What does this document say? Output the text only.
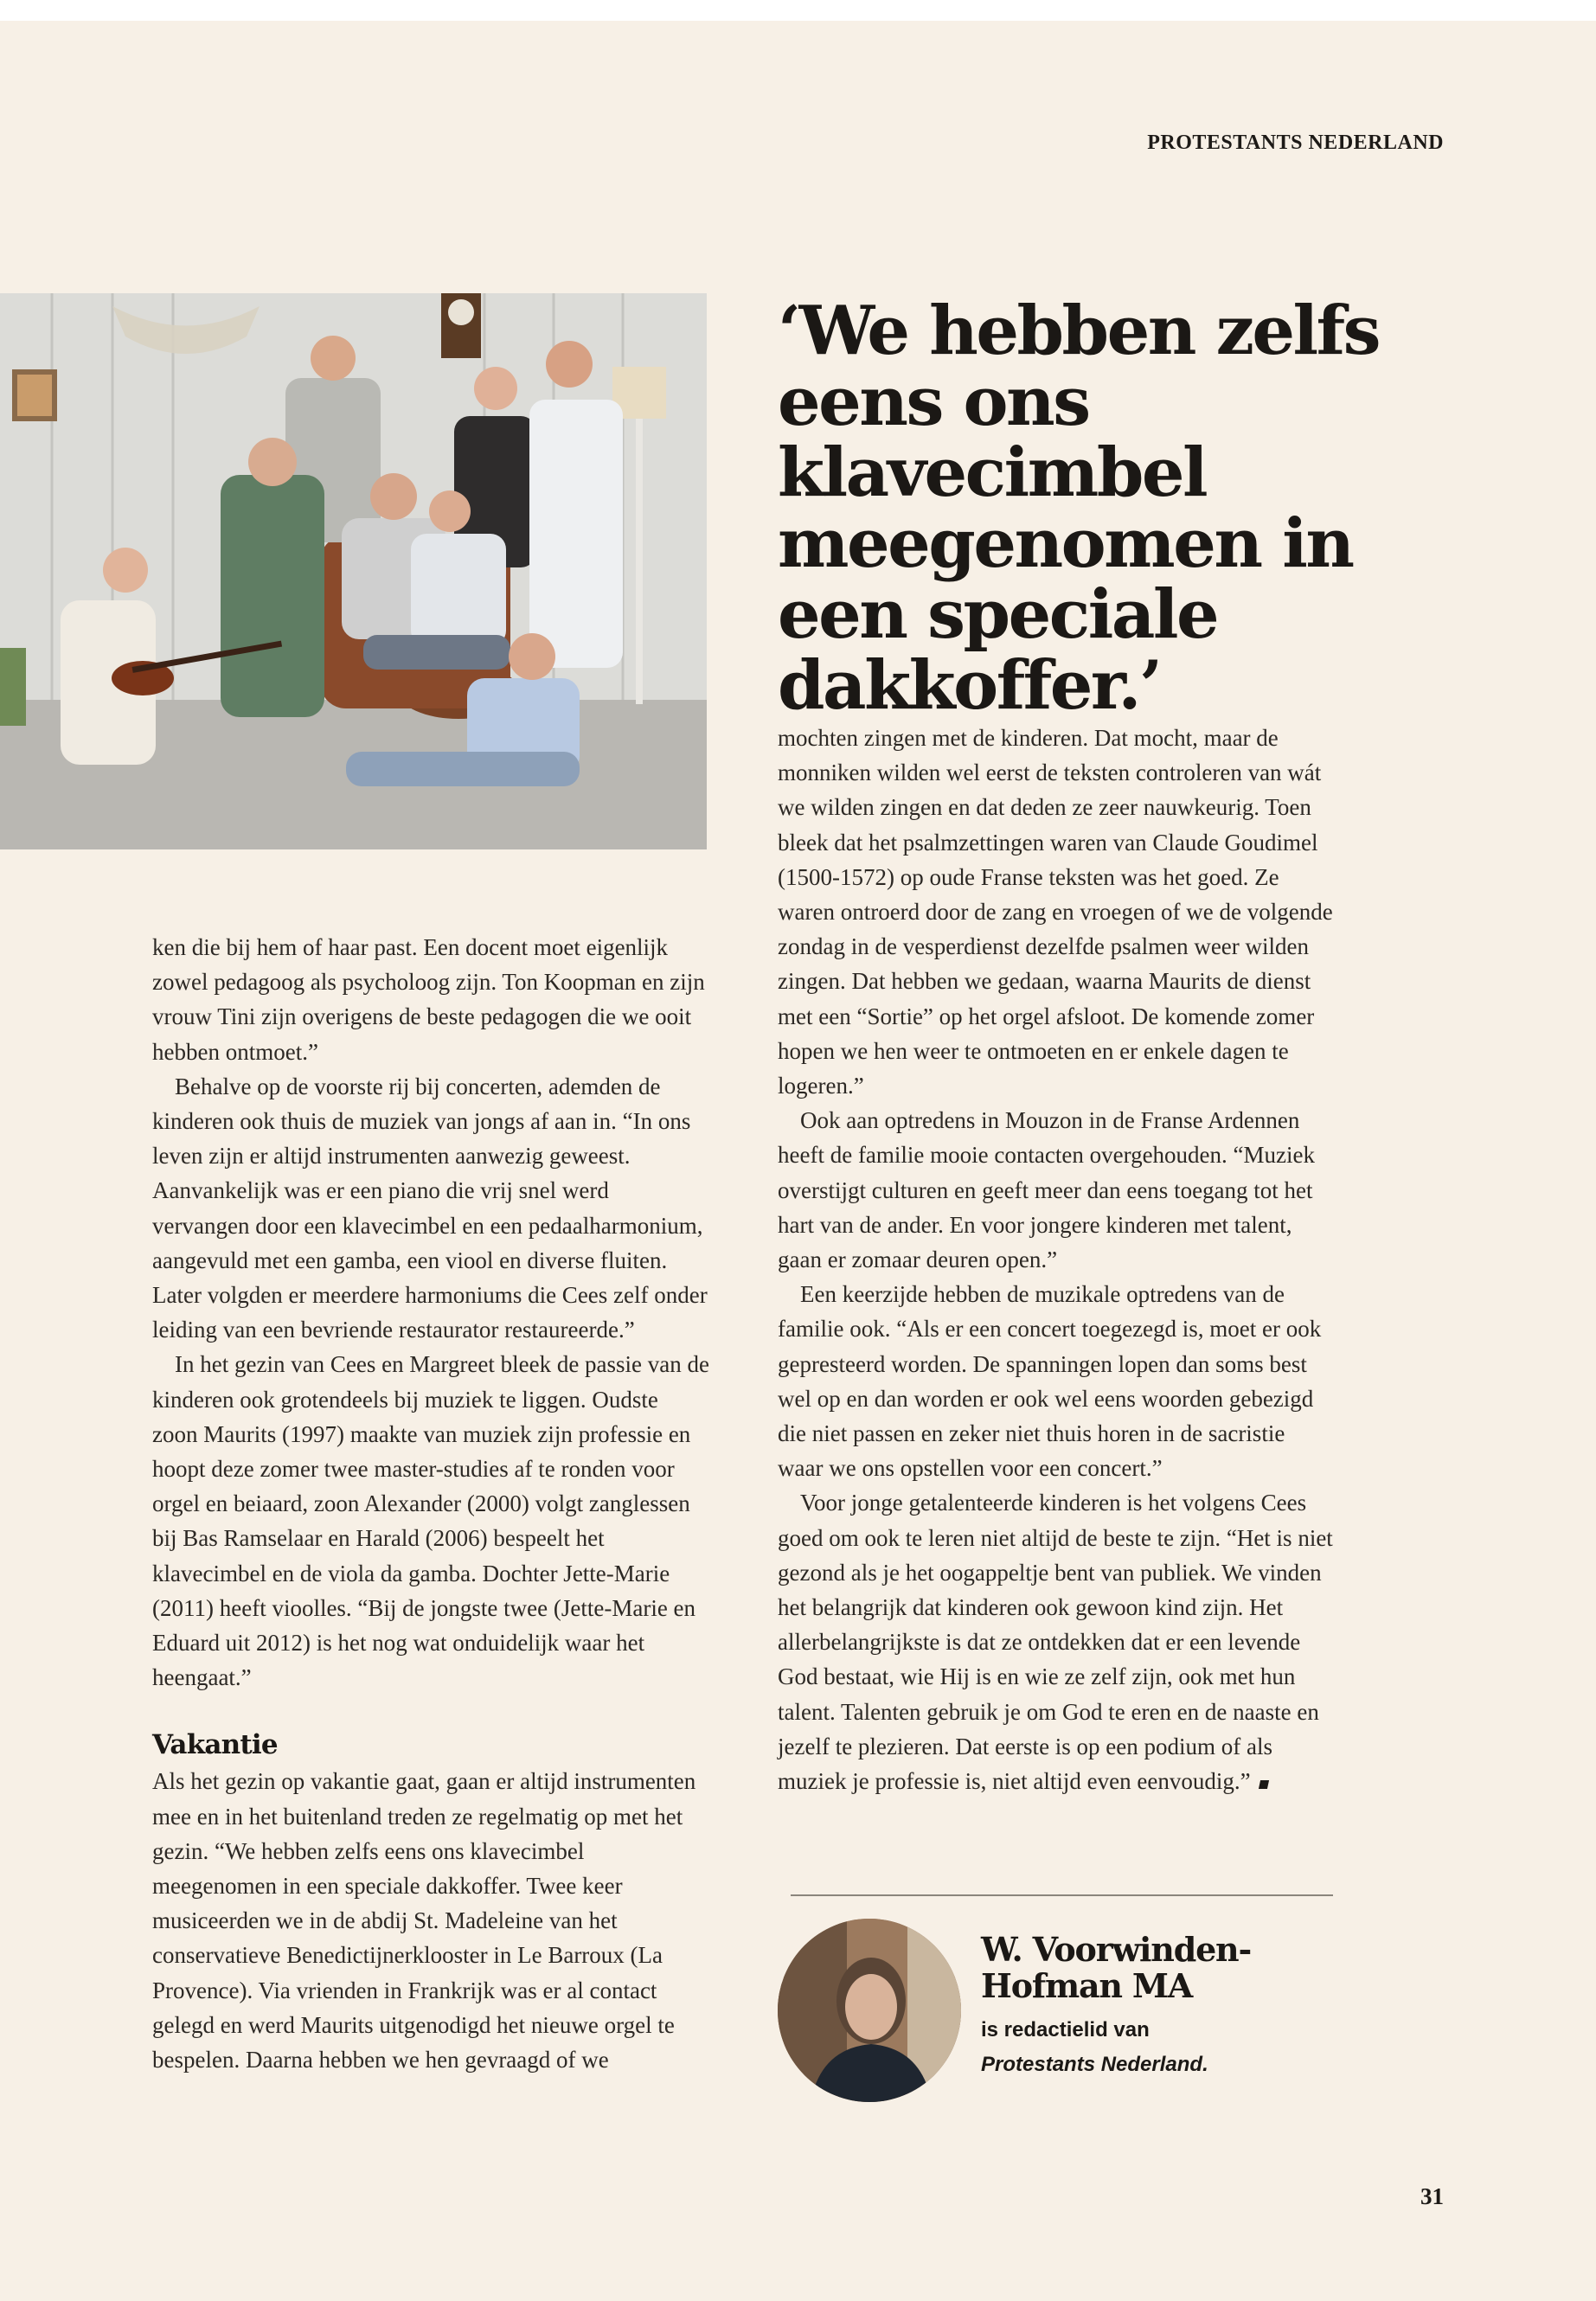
PROTESTANTS NEDERLAND
‘We hebben zelfs eens ons klavecimbel meegenomen in een speciale dakkoffer.’

ken die bij hem of haar past. Een docent moet eigenlijk zowel pedagoog als psycholoog zijn. Ton Koopman en zijn vrouw Tini zijn overigens de beste pedagogen die we ooit hebben ontmoet.”

Behalve op de voorste rij bij concerten, ademden de kinderen ook thuis de muziek van jongs af aan in. “In ons leven zijn er altijd instrumenten aanwezig geweest. Aanvankelijk was er een piano die vrij snel werd vervangen door een klavecimbel en een pedaalharmonium, aangevuld met een gamba, een viool en diverse fluiten. Later volgden er meerdere harmoniums die Cees zelf onder leiding van een bevriende restaurator restaureerde.”

In het gezin van Cees en Margreet bleek de passie van de kinderen ook grotendeels bij muziek te liggen. Oudste zoon Maurits (1997) maakte van muziek zijn professie en hoopt deze zomer twee master-studies af te ronden voor orgel en beiaard, zoon Alexander (2000) volgt zanglessen bij Bas Ramselaar en Harald (2006) bespeelt het klavecimbel en de viola da gamba. Dochter Jette-Marie (2011) heeft vioolles. “Bij de jongste twee (Jette-Marie en Eduard uit 2012) is het nog wat onduidelijk waar het heengaat.”

Vakantie

Als het gezin op vakantie gaat, gaan er altijd instrumenten mee en in het buitenland treden ze regelmatig op met het gezin. “We hebben zelfs eens ons klavecimbel meegenomen in een speciale dakkoffer. Twee keer musiceerden we in de abdij St. Madeleine van het conservatieve Benedictijnerklooster in Le Barroux (La Provence). Via vrienden in Frankrijk was er al contact gelegd en werd Maurits uitgenodigd het nieuwe orgel te bespelen. Daarna hebben we hen gevraagd of we

mochten zingen met de kinderen. Dat mocht, maar de monniken wilden wel eerst de teksten controleren van wát we wilden zingen en dat deden ze zeer nauwkeurig. Toen bleek dat het psalmzettingen waren van Claude Goudimel (1500-1572) op oude Franse teksten was het goed. Ze waren ontroerd door de zang en vroegen of we de volgende zondag in de vesperdienst dezelfde psalmen weer wilden zingen. Dat hebben we gedaan, waarna Maurits de dienst met een “Sortie” op het orgel afsloot. De komende zomer hopen we hen weer te ontmoeten en er enkele dagen te logeren.”

Ook aan optredens in Mouzon in de Franse Ardennen heeft de familie mooie contacten overgehouden. “Muziek overstijgt culturen en geeft meer dan eens toegang tot het hart van de ander. En voor jongere kinderen met talent, gaan er zomaar deuren open.”

Een keerzijde hebben de muzikale optredens van de familie ook. “Als er een concert toegezegd is, moet er ook gepresteerd worden. De spanningen lopen dan soms best wel op en dan worden er ook wel eens woorden gebezigd die niet passen en zeker niet thuis horen in de sacristie waar we ons opstellen voor een concert.”

Voor jonge getalenteerde kinderen is het volgens Cees goed om ook te leren niet altijd de beste te zijn. “Het is niet gezond als je het oogappeltje bent van publiek. We vinden het belangrijk dat kinderen ook gewoon kind zijn. Het allerbelangrijkste is dat ze ontdekken dat er een levende God bestaat, wie Hij is en wie ze zelf zijn, ook met hun talent. Talenten gebruik je om God te eren en de naaste en jezelf te plezieren. Dat eerste is op een podium of als muziek je professie is, niet altijd even eenvoudig.”

W. Voorwinden-Hofman MA
is redactielid van
Protestants Nederland.
31
